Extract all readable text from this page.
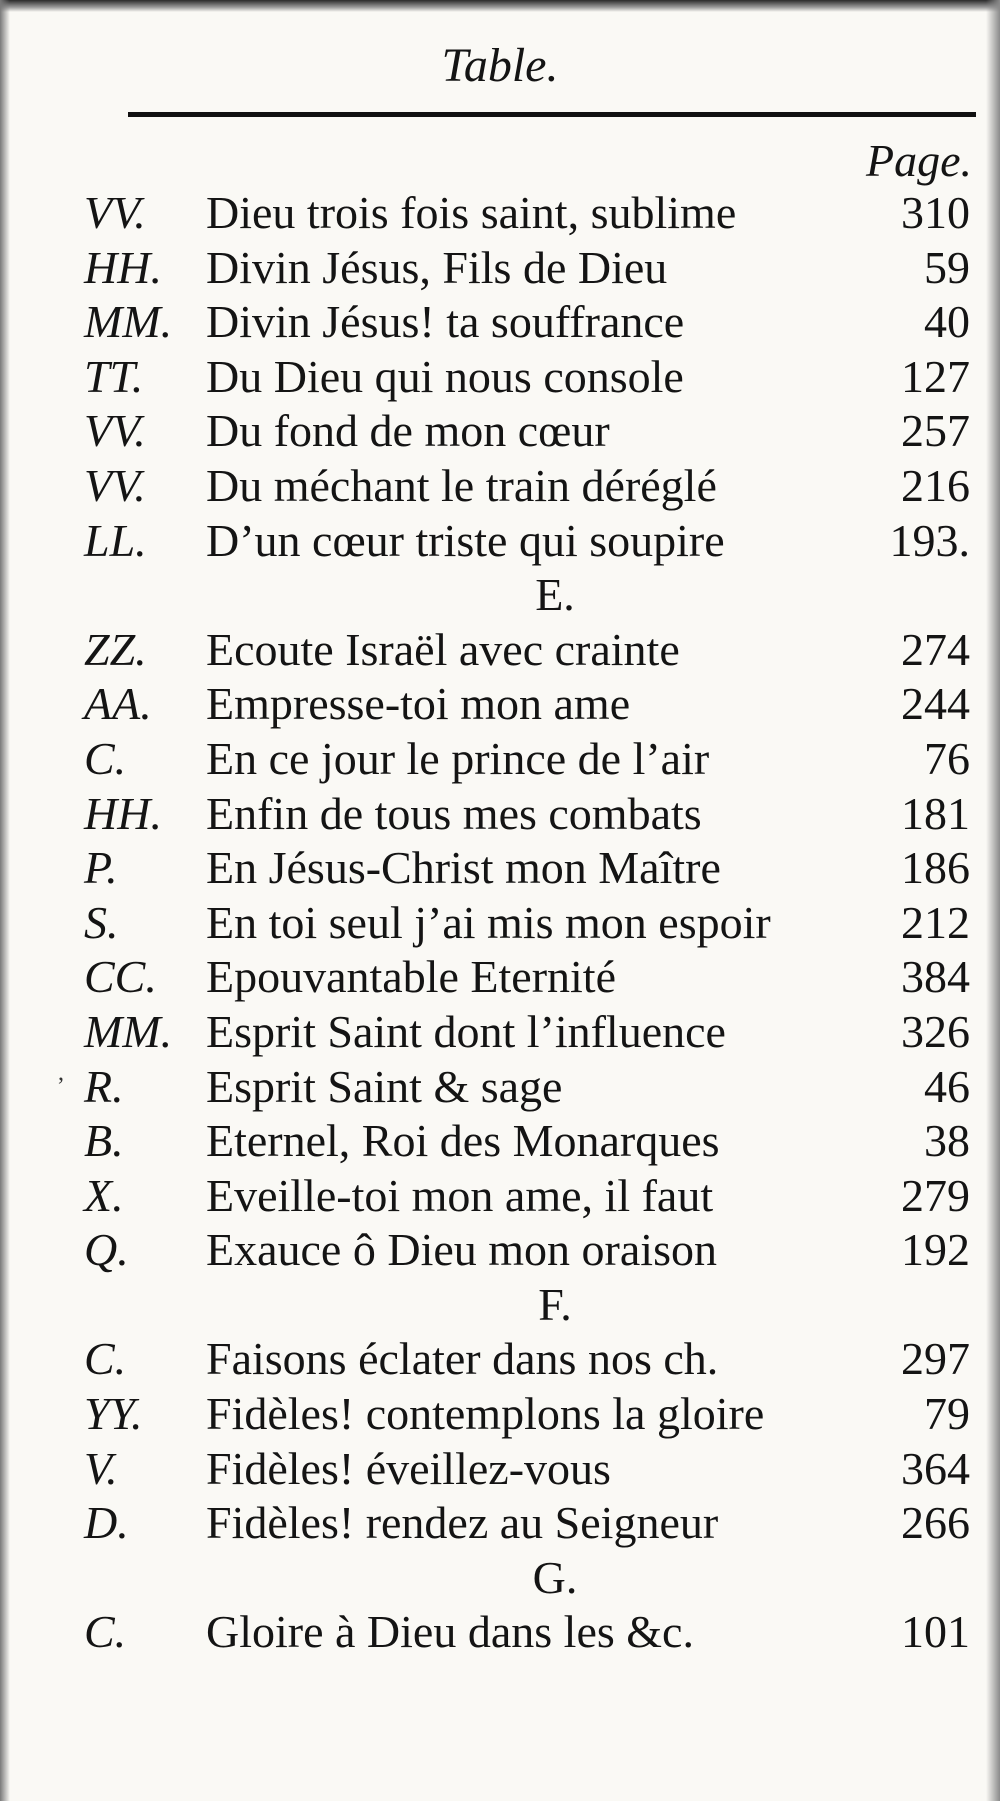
Table.
Page.
VV. Dieu trois fois saint, sublime	310
HH. Divin Jésus, Fils de Dieu	59
MM. Divin Jésus! ta souffrance	40
TT. Du Dieu qui nous console	127
VV. Du fond de mon cœur	257
VV. Du méchant le train déréglé	216
LL. D’un cœur triste qui soupire	193.
E.
ZZ. Ecoute Israël avec crainte	274
AA. Empresse-toi mon ame	244
C. En ce jour le prince de l’air	76
HH. Enfin de tous mes combats	181
P. En Jésus-Christ mon Maître	186
S. En toi seul j’ai mis mon espoir	212
CC. Epouvantable Eternité	384
MM. Esprit Saint dont l’influence	326
R. Esprit Saint & sage	46
B. Eternel, Roi des Monarques	38
X. Eveille-toi mon ame, il faut	279
Q. Exauce ô Dieu mon oraison	192
F.
C. Faisons éclater dans nos ch.	297
YY. Fidèles! contemplons la gloire	79
V. Fidèles! éveillez-vous	364
D. Fidèles! rendez au Seigneur	266
G.
C. Gloire à Dieu dans les &c.	101
,
